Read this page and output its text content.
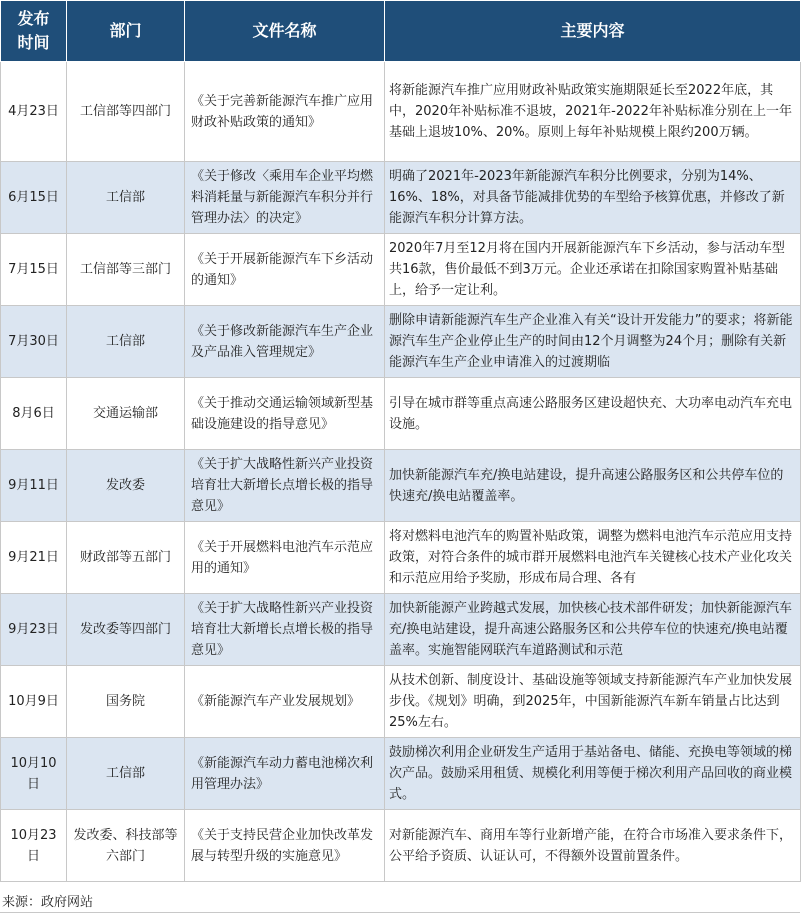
发布时间	部门	文件名称	主要内容

4月23日	工信部等四部门	《关于完善新能源汽车推广应用财政补贴政策的通知》	将新能源汽车推广应用财政补贴政策实施期限延长至2022年底，其中，2020年补贴标准不退坡，2021年-2022年补贴标准分别在上一年基础上退坡10%、20%。原则上每年补贴规模上限约200万辆。

6月15日	工信部	《关于修改〈乘用车企业平均燃料消耗量与新能源汽车积分并行管理办法〉的决定》	明确了2021年-2023年新能源汽车积分比例要求，分别为14%、16%、18%，对具备节能减排优势的车型给予核算优惠，并修改了新能源汽车积分计算方法。

7月15日	工信部等三部门	《关于开展新能源汽车下乡活动的通知》	2020年7月至12月将在国内开展新能源汽车下乡活动，参与活动车型共16款，售价最低不到3万元。企业还承诺在扣除国家购置补贴基础上，给予一定让利。

7月30日	工信部	《关于修改新能源汽车生产企业及产品准入管理规定》	删除申请新能源汽车生产企业准入有关“设计开发能力”的要求；将新能源汽车生产企业停止生产的时间由12个月调整为24个月；删除有关新能源汽车生产企业申请准入的过渡期临

8月6日	交通运输部	《关于推动交通运输领域新型基础设施建设的指导意见》	引导在城市群等重点高速公路服务区建设超快充、大功率电动汽车充电设施。

9月11日	发改委	《关于扩大战略性新兴产业投资培育壮大新增长点增长极的指导意见》	加快新能源汽车充/换电站建设，提升高速公路服务区和公共停车位的快速充/换电站覆盖率。

9月21日	财政部等五部门	《关于开展燃料电池汽车示范应用的通知》	将对燃料电池汽车的购置补贴政策，调整为燃料电池汽车示范应用支持政策，对符合条件的城市群开展燃料电池汽车关键核心技术产业化攻关和示范应用给予奖励，形成布局合理、各有

9月23日	发改委等四部门	《关于扩大战略性新兴产业投资培育壮大新增长点增长极的指导意见》	加快新能源产业跨越式发展，加快核心技术部件研发；加快新能源汽车充/换电站建设，提升高速公路服务区和公共停车位的快速充/换电站覆盖率。实施智能网联汽车道路测试和示范

10月9日	国务院	《新能源汽车产业发展规划》	从技术创新、制度设计、基础设施等领域支持新能源汽车产业加快发展步伐。《规划》明确，到2025年，中国新能源汽车新车销量占比达到25%左右。

10月10日	工信部	《新能源汽车动力蓄电池梯次利用管理办法》	鼓励梯次利用企业研发生产适用于基站备电、储能、充换电等领域的梯次产品。鼓励采用租赁、规模化利用等便于梯次利用产品回收的商业模式。

10月23日	发改委、科技部等六部门	《关于支持民营企业加快改革发展与转型升级的实施意见》	对新能源汽车、商用车等行业新增产能，在符合市场准入要求条件下，公平给予资质、认证认可，不得额外设置前置条件。
来源：政府网站
